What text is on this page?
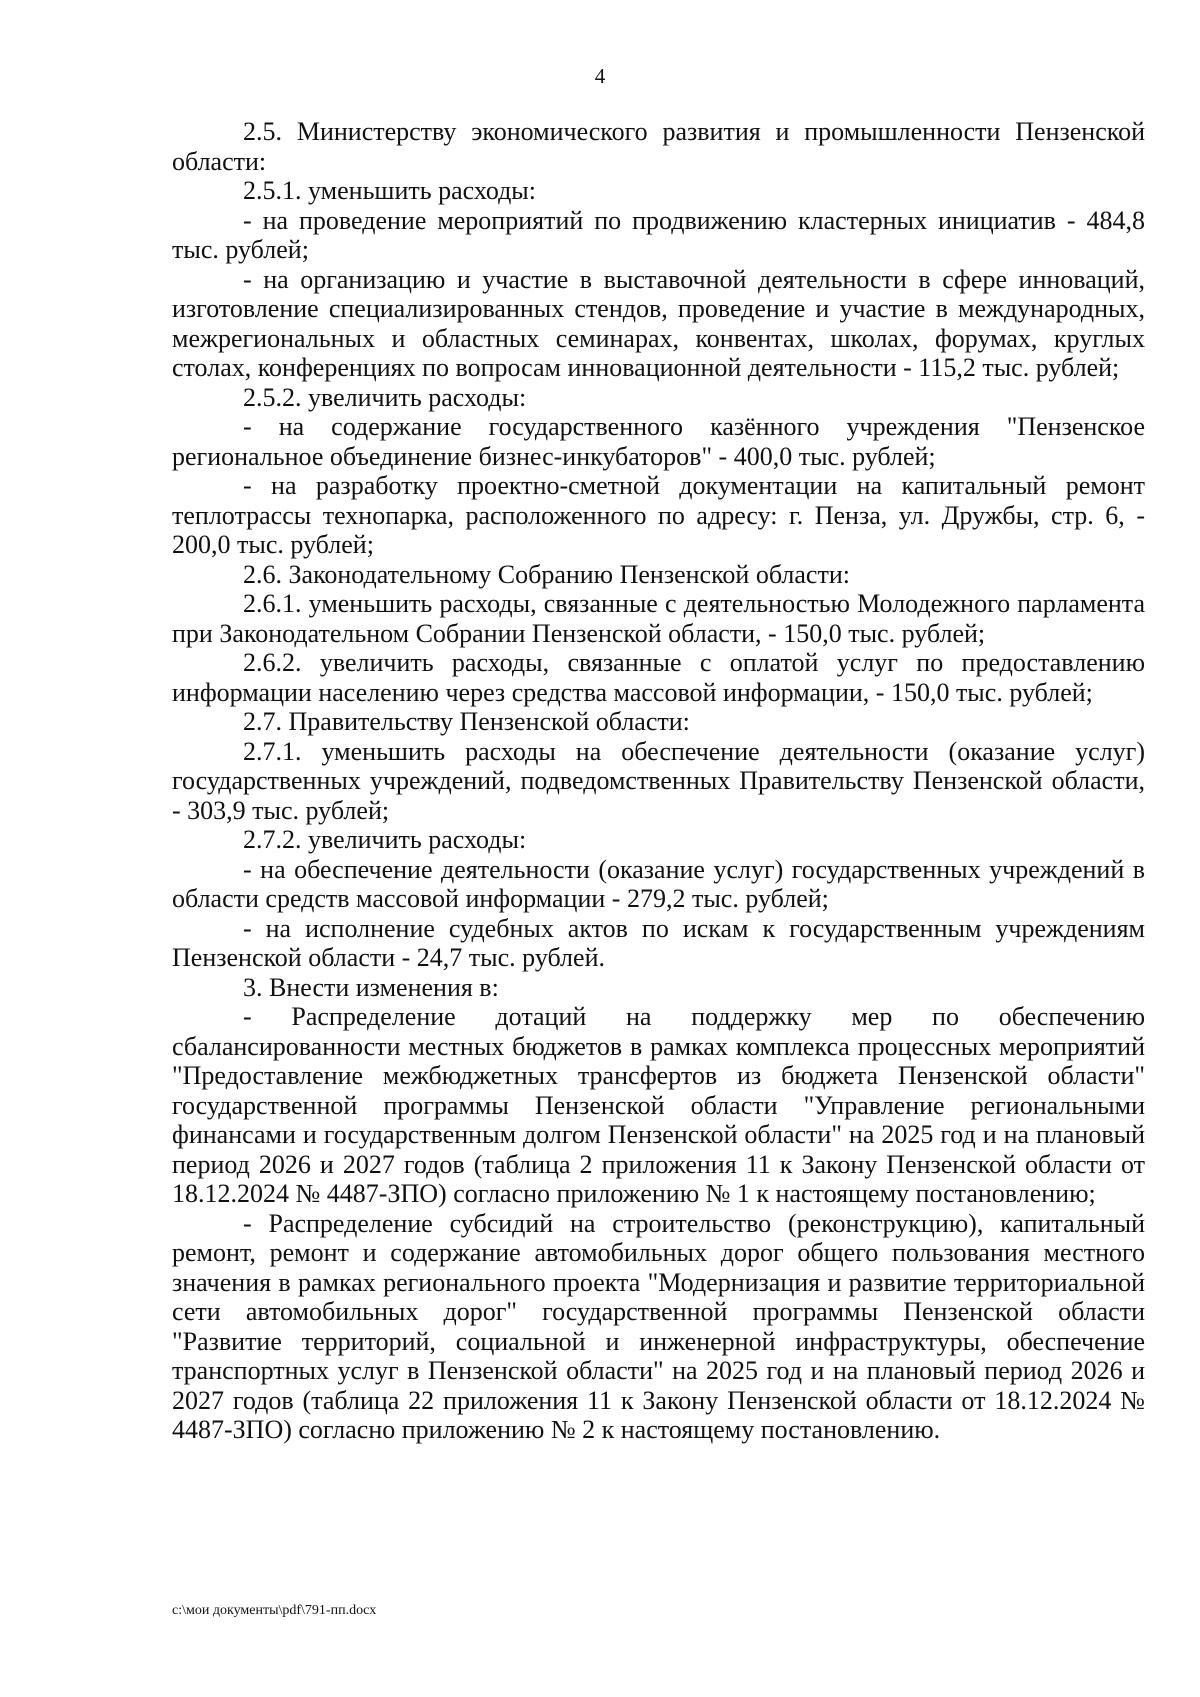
4

2.5. Министерству экономического развития и промышленности Пензенской области:

2.5.1. уменьшить расходы:

- на проведение мероприятий по продвижению кластерных инициатив - 484,8 тыс. рублей;

- на организацию и участие в выставочной деятельности в сфере инноваций, изготовление специализированных стендов, проведение и участие в международных, межрегиональных и областных семинарах, конвентах, школах, форумах, круглых столах, конференциях по вопросам инновационной деятельности - 115,2 тыс. рублей;

2.5.2. увеличить расходы:

- на содержание государственного казённого учреждения "Пензенское региональное объединение бизнес-инкубаторов" - 400,0 тыс. рублей;

- на разработку проектно-сметной документации на капитальный ремонт теплотрассы технопарка, расположенного по адресу: г. Пенза, ул. Дружбы, стр. 6, - 200,0 тыс. рублей;

2.6. Законодательному Собранию Пензенской области:

2.6.1. уменьшить расходы, связанные с деятельностью Молодежного парламента при Законодательном Собрании Пензенской области, - 150,0 тыс. рублей;

2.6.2. увеличить расходы, связанные с оплатой услуг по предоставлению информации населению через средства массовой информации, - 150,0 тыс. рублей;

2.7. Правительству Пензенской области:

2.7.1. уменьшить расходы на обеспечение деятельности (оказание услуг) государственных учреждений, подведомственных Правительству Пензенской области, - 303,9 тыс. рублей;

2.7.2. увеличить расходы:

- на обеспечение деятельности (оказание услуг) государственных учреждений в области средств массовой информации - 279,2 тыс. рублей;

- на исполнение судебных актов по искам к государственным учреждениям Пензенской области - 24,7 тыс. рублей.

3. Внести изменения в:

- Распределение дотаций на поддержку мер по обеспечению сбалансированности местных бюджетов в рамках комплекса процессных мероприятий "Предоставление межбюджетных трансфертов из бюджета Пензенской области" государственной программы Пензенской области "Управление региональными финансами и государственным долгом Пензенской области" на 2025 год и на плановый период 2026 и 2027 годов (таблица 2 приложения 11 к Закону Пензенской области от 18.12.2024 № 4487-ЗПО) согласно приложению № 1 к настоящему постановлению;

- Распределение субсидий на строительство (реконструкцию), капитальный ремонт, ремонт и содержание автомобильных дорог общего пользования местного значения в рамках регионального проекта "Модернизация и развитие территориальной сети автомобильных дорог" государственной программы Пензенской области "Развитие территорий, социальной и инженерной инфраструктуры, обеспечение транспортных услуг в Пензенской области" на 2025 год и на плановый период 2026 и 2027 годов (таблица 22 приложения 11 к Закону Пензенской области от 18.12.2024 № 4487-ЗПО) согласно приложению № 2 к настоящему постановлению.

c:\мои документы\pdf\791-пп.docx
